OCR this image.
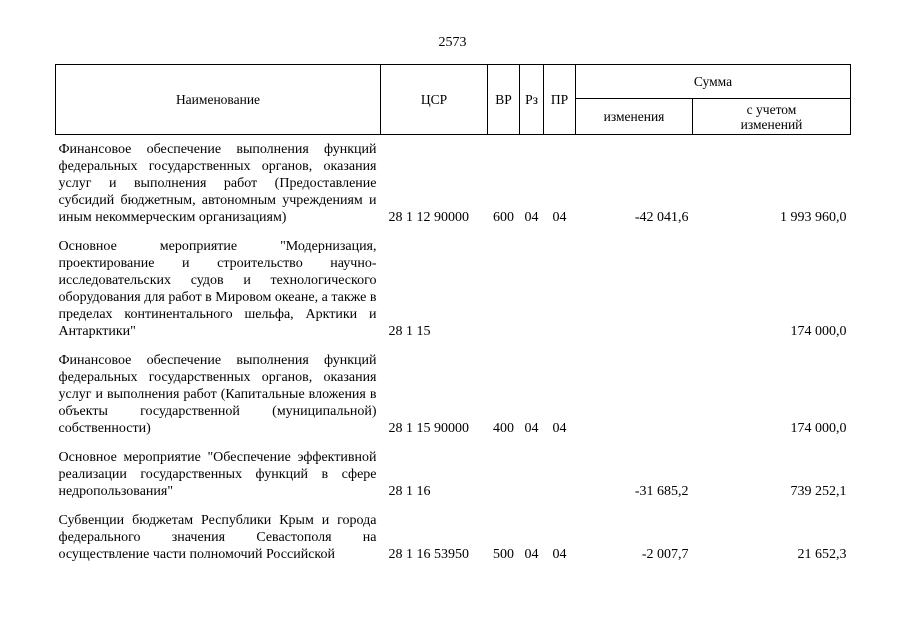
2573
Наименование	ЦСР	ВР	Рз	ПР	Сумма	
					изменения	с учетом
изменений
Финансовое обеспечение выполнения функций федеральных государственных органов, оказания услуг и выполнения работ (Предоставление субсидий бюджетным, автономным учреждениям и иным некоммерческим организациям)	28 1 12 90000	600	04	04	-42 041,6	1 993 960,0
Основное мероприятие "Модернизация, проектирование и строительство научно-исследовательских судов и технологического оборудования для работ в Мировом океане, а также в пределах континентального шельфа, Арктики и Антарктики"	28 1 15					174 000,0
Финансовое обеспечение выполнения функций федеральных государственных органов, оказания услуг и выполнения работ (Капитальные вложения в объекты государственной (муниципальной) собственности)	28 1 15 90000	400	04	04		174 000,0
Основное мероприятие "Обеспечение эффективной реализации государственных функций в сфере недропользования"	28 1 16				-31 685,2	739 252,1
Субвенции бюджетам Республики Крым и города федерального значения Севастополя на осуществление части полномочий Российской	28 1 16 53950	500	04	04	-2 007,7	21 652,3
